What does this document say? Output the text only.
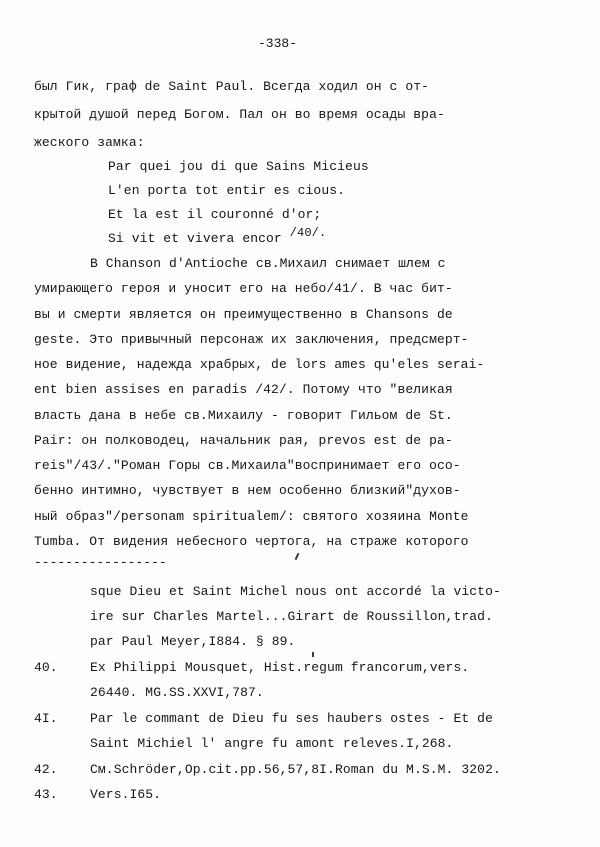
-338-
был Гик, граф de Saint Paul. Всегда ходил он с от-
крытой душой перед Богом. Пал он во время осады вра-
жеского замка:
Par quei jou di que Sains Micieus
L'en porta tot entir es cious.
Et la est il couronné d'or;
Si vit et vivera encor /40/.
В Chanson d'Antioche св.Михаил снимает шлем с
умирающего героя и уносит его на небо/41/. В час бит-
вы и смерти является он преимущественно в Chansons de
geste. Это привычный персонаж их заключения, предсмерт-
ное видение, надежда храбрых, de lors ames qu'eles serai-
ent bien assises en paradis /42/. Потому что "великая
власть дана в небе св.Михаилу - говорит Гильом de St.
Pair: он полководец, начальник рая, prevos est de pa-
reis"/43/."Роман Горы св.Михаила"воспринимает его осо-
бенно интимно, чувствует в нем особенно близкий"духов-
ный образ"/personam spiritualem/: святого хозяина Monte
Tumba. От видения небесного чертога, на страже которого
-----------------
sque Dieu et Saint Michel nous ont accordé la victo-
ire sur Charles Martel...Girart de Roussillon,trad.
par Paul Meyer,I884. § 89.
40. Ex Philippi Mousquet, Hist.regum francorum,vers.
26440. MG.SS.XXVI,787.
4I. Par le commant de Dieu fu ses haubers ostes - Et de
Saint Michiel l' angre fu amont releves.I,268.
42. См.Schröder,Op.cit.pp.56,57,8I.Roman du M.S.M. 3202.
43. Vers.I65.
